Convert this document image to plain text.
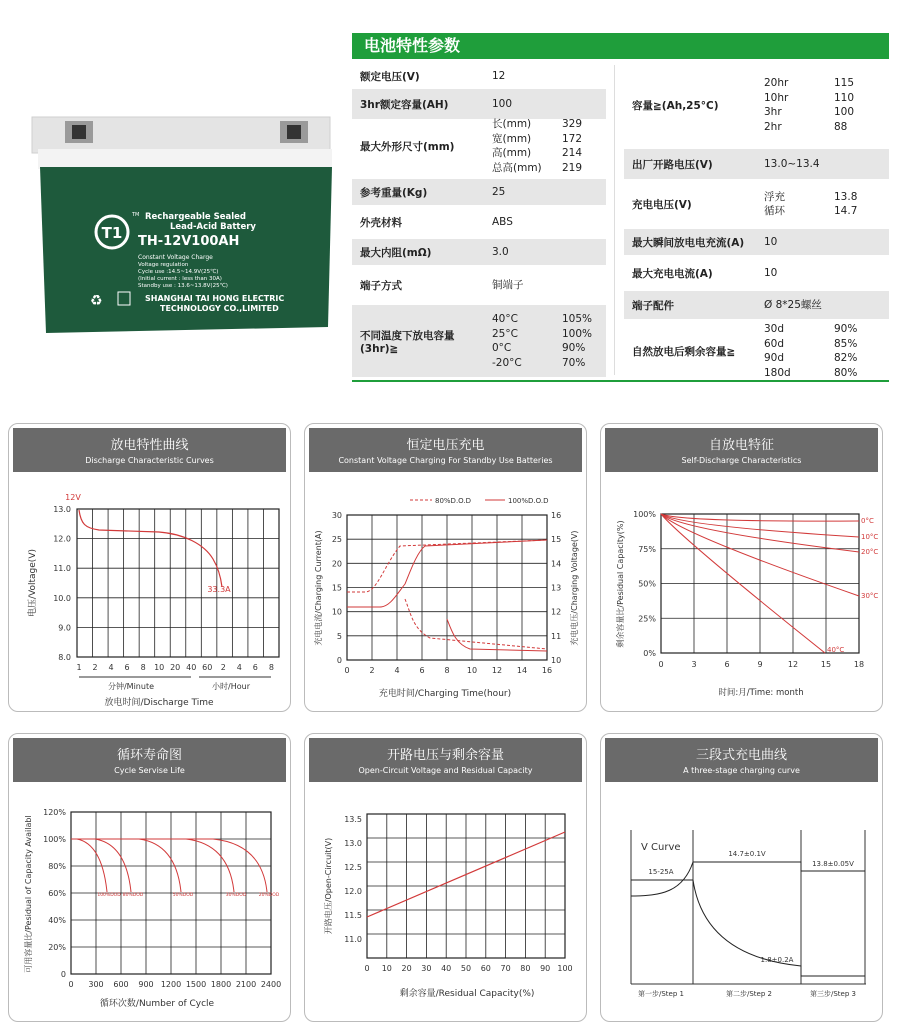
T1
TM Rechargeable Sealed
Lead-Acid Battery
TH-12V100AH
Constant Voltage Charge
Voltage regulation
Cycle use :14.5~14.9V(25℃)
(Initial current : less than 30A)
Standby use : 13.6~13.8V(25℃)
♻	SHANGHAI TAI HONG ELECTRIC
TECHNOLOGY CO.,LIMITED
电池特性参数
额定电压(V)	12
3hr额定容量(AH)	100
最大外形尺寸(mm)
长(mm)	329
宽(mm)	172
高(mm)	214
总高(mm) 219
参考重量(Kg)	25
外壳材料	ABS
最大内阻(mΩ)	3.0
端子方式	铜端子
不同温度下放电容量(3hr)≧
40°C	105%
25°C	100%
0°C	90%
-20°C	70%
容量≧(Ah,25°C)
20hr	115
10hr	110
3hr	100
2hr	88
出厂开路电压(V)	13.0~13.4
充电电压(V)
浮充	13.8
循环	14.7
最大瞬间放电电充流(A)	10
最大充电电流(A)	10
端子配件	Ø 8*25螺丝
自然放电后剩余容量≧
30d	90%
60d	85%
90d	82%
180d	80%
放电特性曲线
Discharge Characteristic Curves
13.0
12.0
11.0
10.0
9.0
8.0
1 2 4 6 8 10 20 40 60 2 4 6 8
分钟/Minute	小时/Hour
放电时间/Discharge Time
电压/Voltage(V)
12V
33.3A
恒定电压充电
Constant Voltage Charging For Standby Use Batteries
30
25
20
15
10
5
0
16
15
14
13
12
11
10
0 2 4 6 8 10 12 14 16
充电时间/Charging Time(hour)
充电电流/Charging Current(A)	充电电压/Charging Voltage(V)
80%D.O.D	100%D.O.D
自放电特征
Self-Discharge Characteristics
100%
75%
50%
25%
0%
0	3	6	9	12	15	18
时间:月/Time: month
剩余容量比/Pesidual Capacity(%)	0°C
10°C
20°C
30°C
40°C
循环寿命图
Cycle Servise Life
120%
100%
80%
60%
40%
20%
0
0 300 600 900 1200 1500 1800 2100 2400
循环次数/Number of Cycle
可用容量比/Pesidual of Capacity Availabl	100%DOD 80%DOD	50%DOD	30%DOD	20%DOD
开路电压与剩余容量
Open-Circuit Voltage and Residual Capacity
13.5
13.0
12.5
12.0
11.5
11.0
0 10 20 30 40 50 60 70 80 90 100
剩余容量/Residual Capacity(%)
开路电压/Open-Circuit(V)
三段式充电曲线
A three-stage charging curve
V Curve
15-25A
14.7±0.1V
13.8±0.05V
1.8±0.2A
第一步/Step 1	第二步/Step 2	第三步/Step 3
